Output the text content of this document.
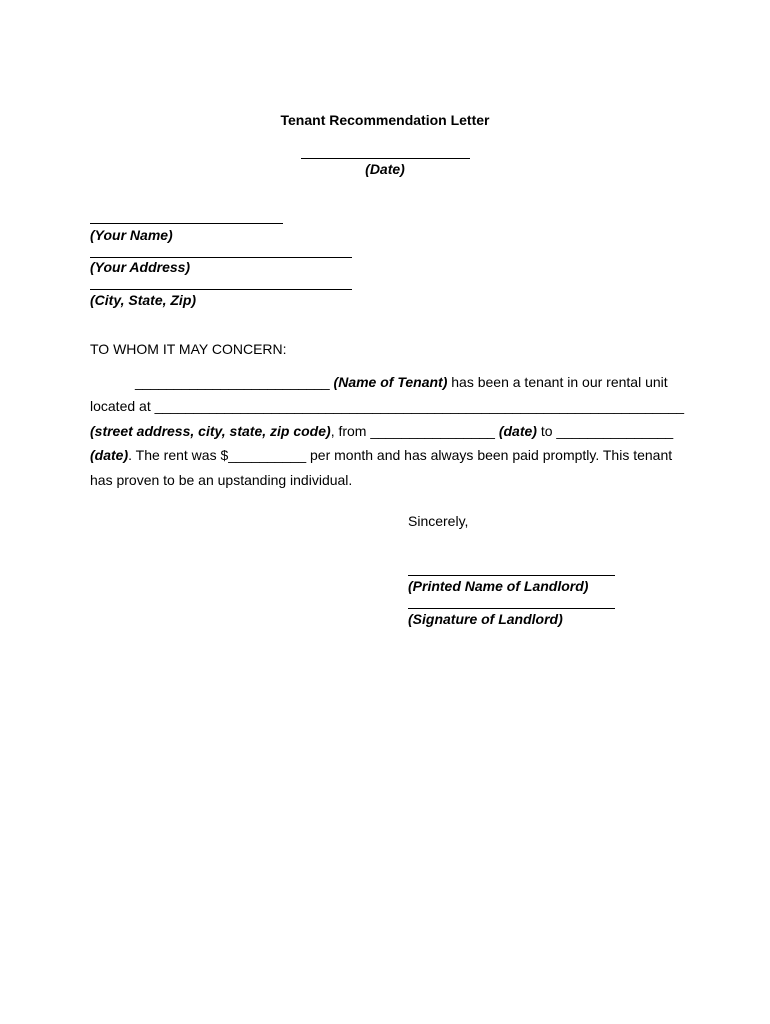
Tenant Recommendation Letter
(Date)
(Your Name)
(Your Address)
(City, State, Zip)
TO WHOM IT MAY CONCERN:
_________________________ (Name of Tenant) has been a tenant in our rental unit
located at ____________________________________________________________________
(street address, city, state, zip code), from ________________ (date) to _______________
(date). The rent was $__________ per month and has always been paid promptly. This tenant
has proven to be an upstanding individual.
Sincerely,
(Printed Name of Landlord)
(Signature of Landlord)
